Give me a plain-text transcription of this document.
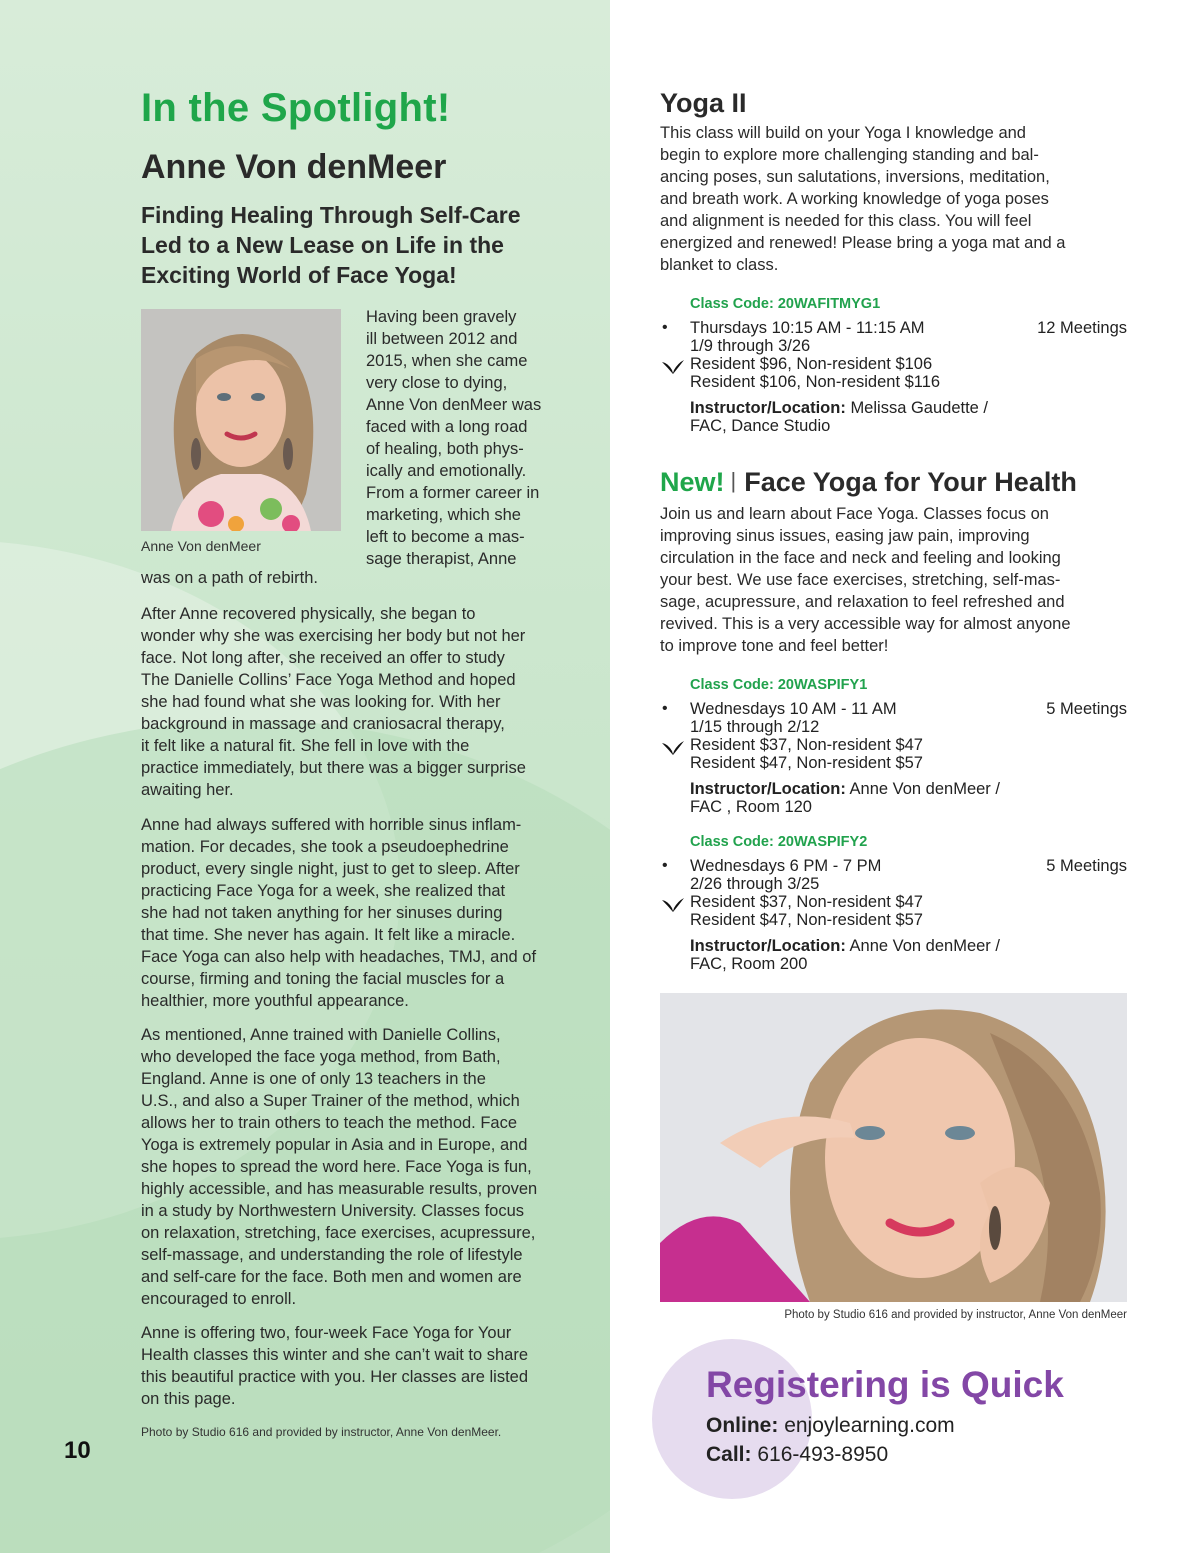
In the Spotlight!
Anne Von denMeer
Finding Healing Through Self-Care
Led to a New Lease on Life in the
Exciting World of Face Yoga!
Anne Von denMeer
Having been gravely
ill between 2012 and
2015, when she came
very close to dying,
Anne Von denMeer was
faced with a long road
of healing, both phys-
ically and emotionally.
From a former career in
marketing, which she
left to become a mas-
sage therapist, Anne
was on a path of rebirth.
After Anne recovered physically, she began to
wonder why she was exercising her body but not her
face. Not long after, she received an offer to study
The Danielle Collins’ Face Yoga Method and hoped
she had found what she was looking for. With her
background in massage and craniosacral therapy,
it felt like a natural fit. She fell in love with the
practice immediately, but there was a bigger surprise
awaiting her.
Anne had always suffered with horrible sinus inflam-
mation. For decades, she took a pseudoephedrine
product, every single night, just to get to sleep. After
practicing Face Yoga for a week, she realized that
she had not taken anything for her sinuses during
that time. She never has again. It felt like a miracle.
Face Yoga can also help with headaches, TMJ, and of
course, firming and toning the facial muscles for a
healthier, more youthful appearance.
As mentioned, Anne trained with Danielle Collins,
who developed the face yoga method, from Bath,
England. Anne is one of only 13 teachers in the
U.S., and also a Super Trainer of the method, which
allows her to train others to teach the method. Face
Yoga is extremely popular in Asia and in Europe, and
she hopes to spread the word here. Face Yoga is fun,
highly accessible, and has measurable results, proven
in a study by Northwestern University. Classes focus
on relaxation, stretching, face exercises, acupressure,
self-massage, and understanding the role of lifestyle
and self-care for the face. Both men and women are
encouraged to enroll.
Anne is offering two, four-week Face Yoga for Your
Health classes this winter and she can’t wait to share
this beautiful practice with you. Her classes are listed
on this page.
Photo by Studio 616 and provided by instructor, Anne Von denMeer.
10
Yoga II
This class will build on your Yoga I knowledge and
begin to explore more challenging standing and bal-
ancing poses, sun salutations, inversions, meditation,
and breath work. A working knowledge of yoga poses
and alignment is needed for this class. You will feel
energized and renewed! Please bring a yoga mat and a
blanket to class.
Class Code: 20WAFITMYG1
• Thursdays 10:15 AM - 11:15 AM
1/9 through 3/26
Resident $96, Non-resident $106
Resident $106, Non-resident $116
12 Meetings
Instructor/Location: Melissa Gaudette /
FAC, Dance Studio
New! | Face Yoga for Your Health
Join us and learn about Face Yoga. Classes focus on
improving sinus issues, easing jaw pain, improving
circulation in the face and neck and feeling and looking
your best. We use face exercises, stretching, self-mas-
sage, acupressure, and relaxation to feel refreshed and
revived. This is a very accessible way for almost anyone
to improve tone and feel better!
Class Code: 20WASPIFY1
• Wednesdays 10 AM - 11 AM
1/15 through 2/12
Resident $37, Non-resident $47
Resident $47, Non-resident $57
5 Meetings
Instructor/Location: Anne Von denMeer /
FAC , Room 120
Class Code: 20WASPIFY2
• Wednesdays 6 PM - 7 PM
2/26 through 3/25
Resident $37, Non-resident $47
Resident $47, Non-resident $57
5 Meetings
Instructor/Location: Anne Von denMeer /
FAC, Room 200
Photo by Studio 616 and provided by instructor, Anne Von denMeer
Registering is Quick
Online: enjoylearning.com
Call: 616-493-8950
